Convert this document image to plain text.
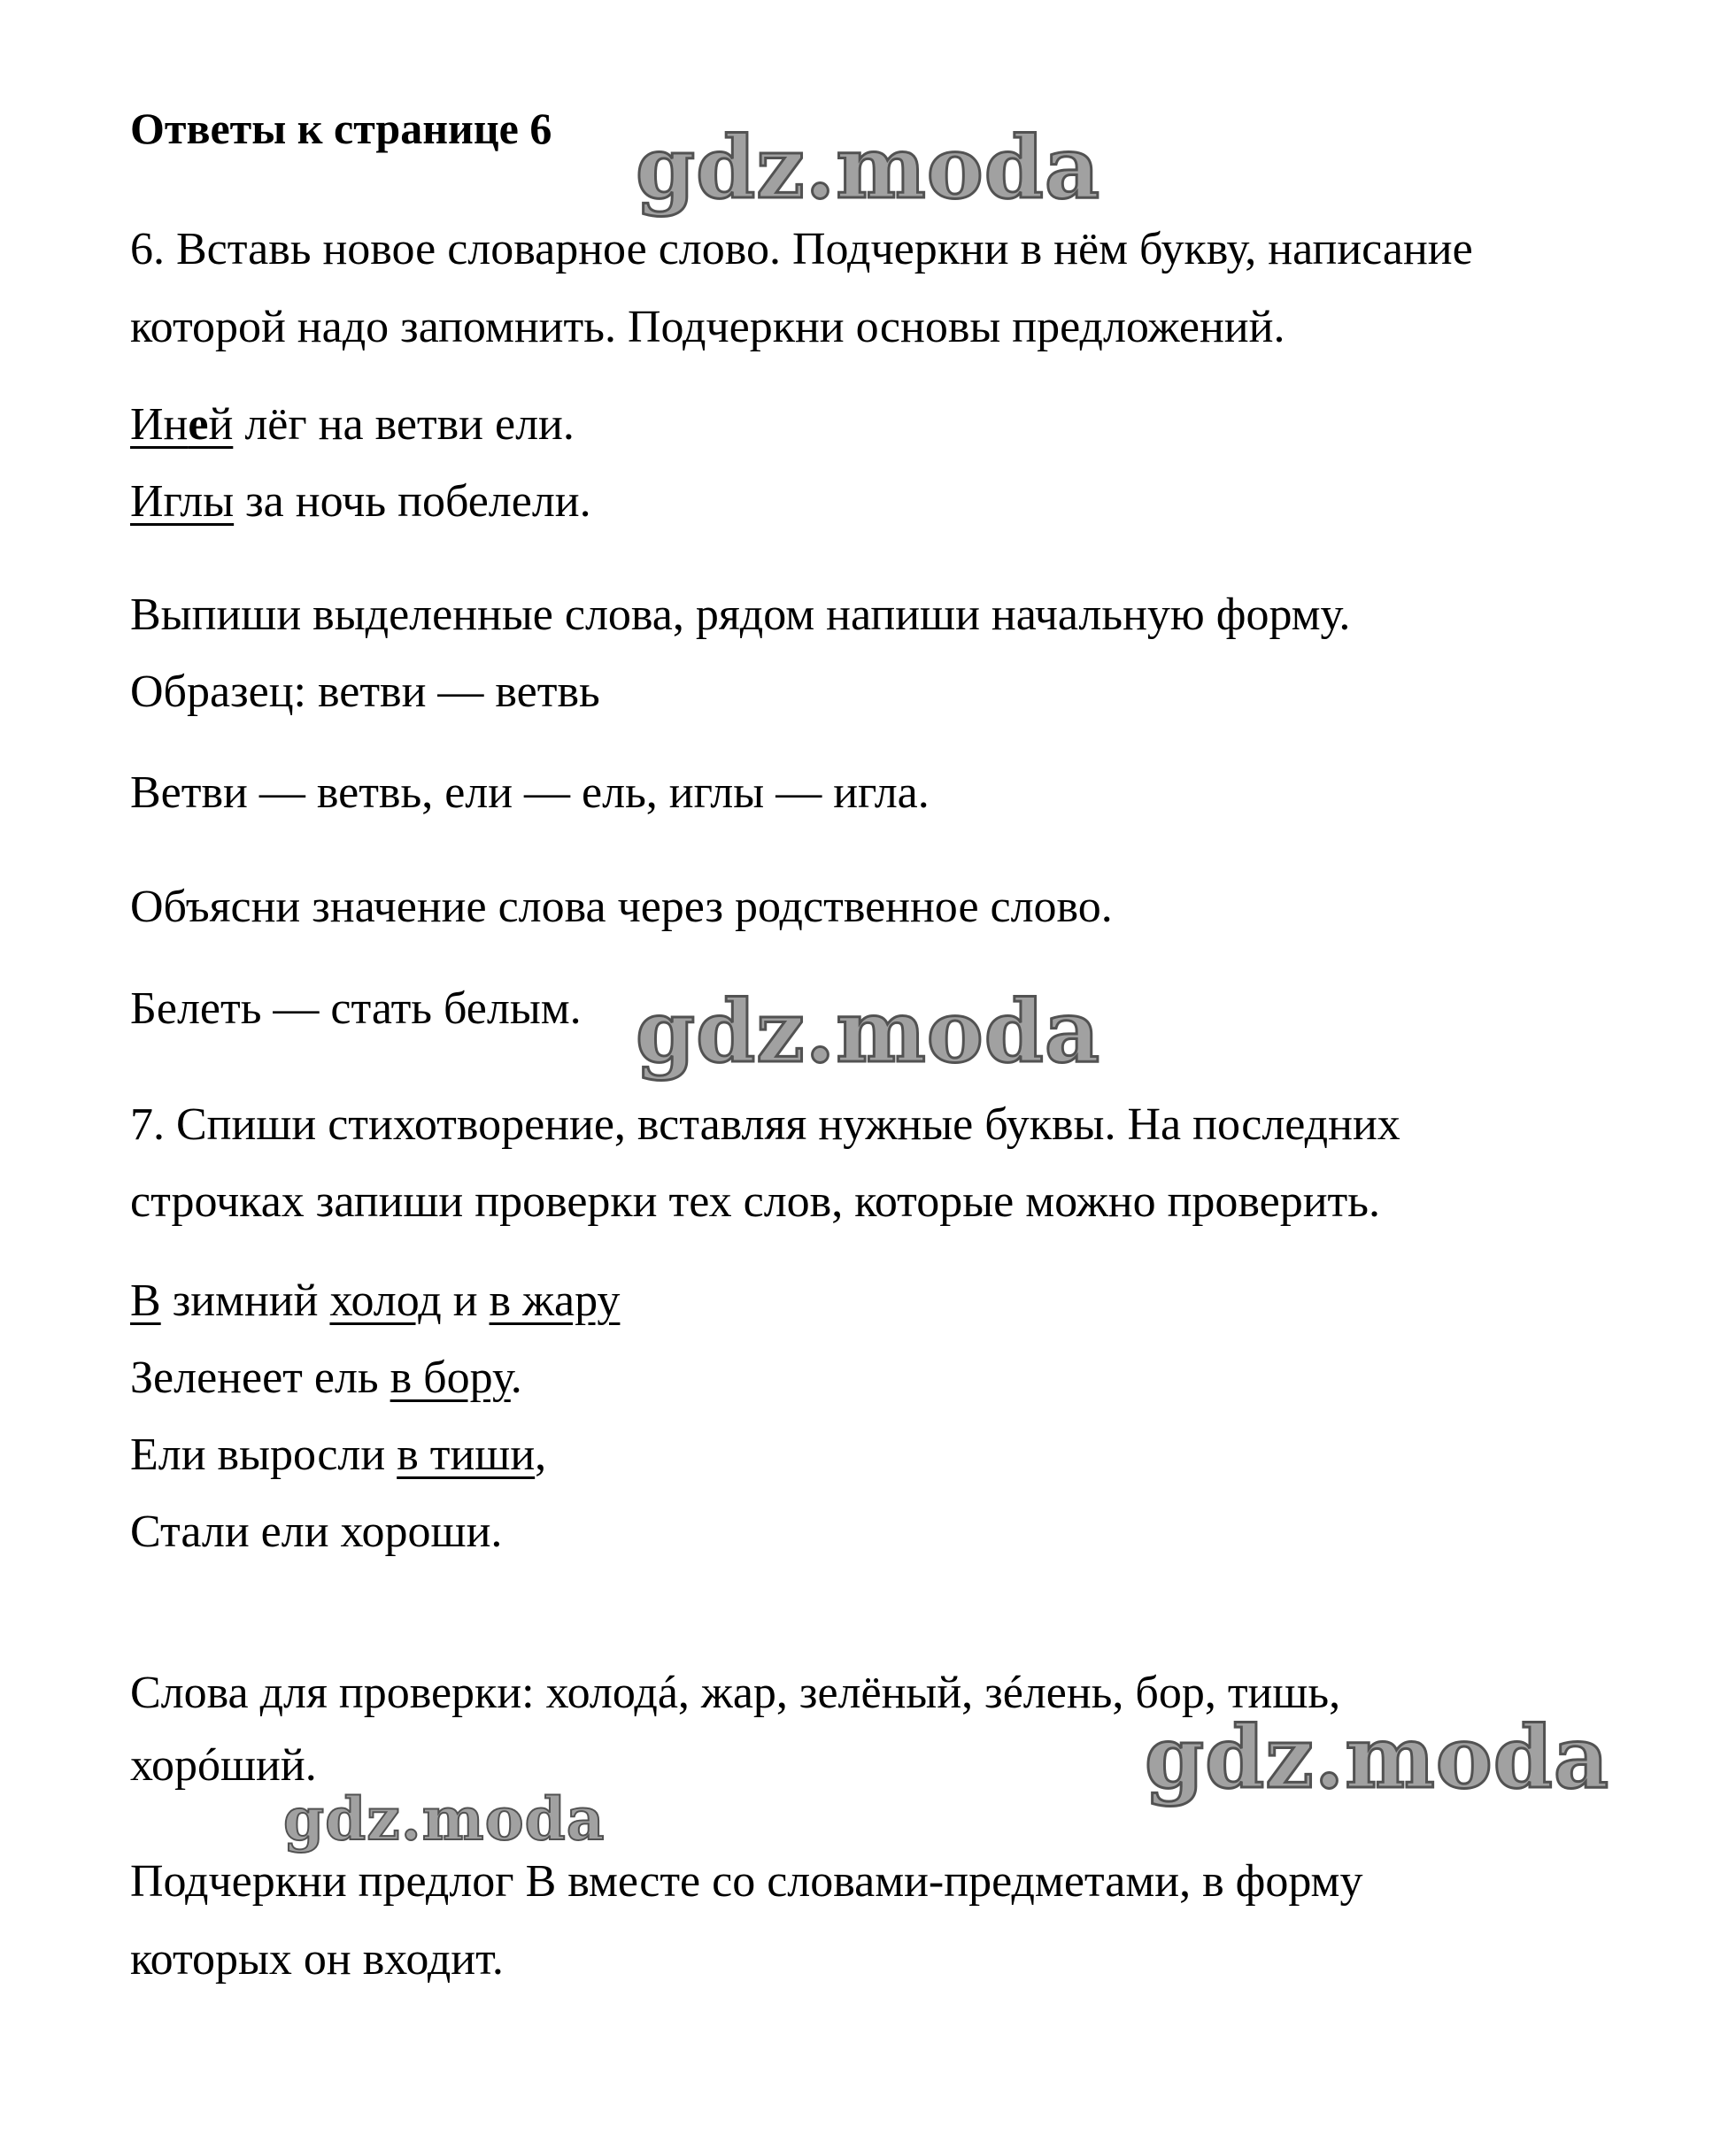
Ответы к странице 6
6. Вставь новое словарное слово. Подчеркни в нём букву, написание
которой надо запомнить. Подчеркни основы предложений.
Иней лёг на ветви ели.
Иглы за ночь побелели.
Выпиши выделенные слова, рядом напиши начальную форму.
Образец: ветви — ветвь
Ветви — ветвь, ели — ель, иглы — игла.
Объясни значение слова через родственное слово.
Белеть — стать белым.
7. Спиши стихотворение, вставляя нужные буквы. На последних
строчках запиши проверки тех слов, которые можно проверить.
В зимний холод и в жару
Зеленеет ель в бору.
Ели выросли в тиши,
Стали ели хороши.
Слова для проверки: холодá, жар, зелёный, зéлень, бор, тишь,
хорóший.
Подчеркни предлог В вместе со словами-предметами, в форму
которых он входит.
gdz.moda
gdz.moda
gdz.moda
gdz.moda
